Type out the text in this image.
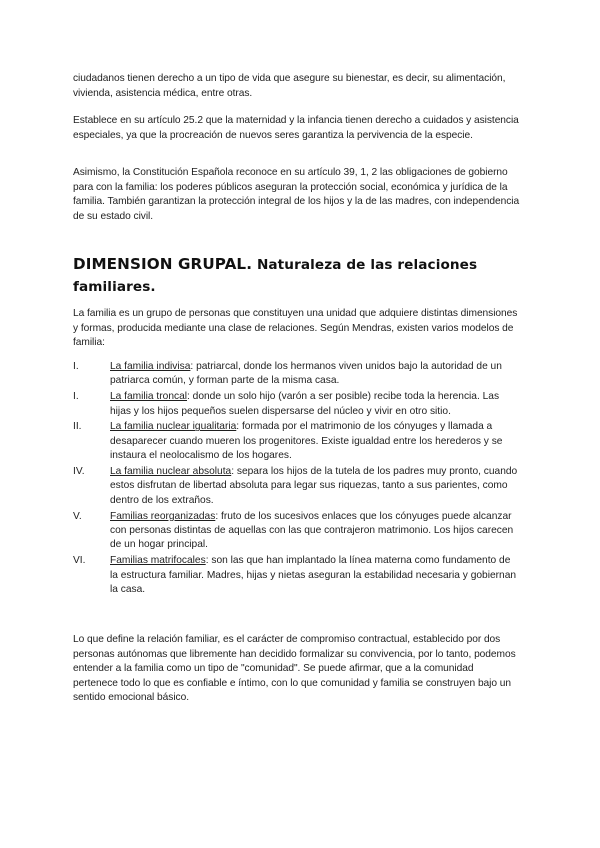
ciudadanos tienen derecho a un tipo de vida que asegure su bienestar, es decir, su alimentación, vivienda, asistencia médica, entre otras.

Establece en su artículo 25.2 que la maternidad y la infancia tienen derecho a cuidados y asistencia especiales, ya que la procreación de nuevos seres garantiza la pervivencia de la especie.

Asimismo, la Constitución Española reconoce en su artículo 39, 1, 2 las obligaciones de gobierno para con la familia: los poderes públicos aseguran la protección social, económica y jurídica de la familia. También garantizan la protección integral de los hijos y la de las madres, con independencia de su estado civil.

DIMENSION GRUPAL. Naturaleza de las relaciones familiares.

La familia es un grupo de personas que constituyen una unidad que adquiere distintas dimensiones y formas, producida mediante una clase de relaciones. Según Mendras, existen varios modelos de familia:

I.	La familia indivisa: patriarcal, donde los hermanos viven unidos bajo la autoridad de un patriarca común, y forman parte de la misma casa.
I.	La familia troncal: donde un solo hijo (varón a ser posible) recibe toda la herencia. Las hijas y los hijos pequeños suelen dispersarse del núcleo y vivir en otro sitio.
II.	La familia nuclear igualitaria: formada por el matrimonio de los cónyuges y llamada a desaparecer cuando mueren los progenitores. Existe igualdad entre los herederos y se instaura el neolocalismo de los hogares.
IV.	La familia nuclear absoluta: separa los hijos de la tutela de los padres muy pronto, cuando estos disfrutan de libertad absoluta para legar sus riquezas, tanto a sus parientes, como dentro de los extraños.
V.	Familias reorganizadas: fruto de los sucesivos enlaces que los cónyuges puede alcanzar con personas distintas de aquellas con las que contrajeron matrimonio. Los hijos carecen de un hogar principal.
VI.	Familias matrifocales: son las que han implantado la línea materna como fundamento de la estructura familiar. Madres, hijas y nietas aseguran la estabilidad necesaria y gobiernan la casa.

Lo que define la relación familiar, es el carácter de compromiso contractual, establecido por dos personas autónomas que libremente han decidido formalizar su convivencia, por lo tanto, podemos entender a la familia como un tipo de "comunidad". Se puede afirmar, que a la comunidad pertenece todo lo que es confiable e íntimo, con lo que comunidad y familia se construyen bajo un sentido emocional básico.
